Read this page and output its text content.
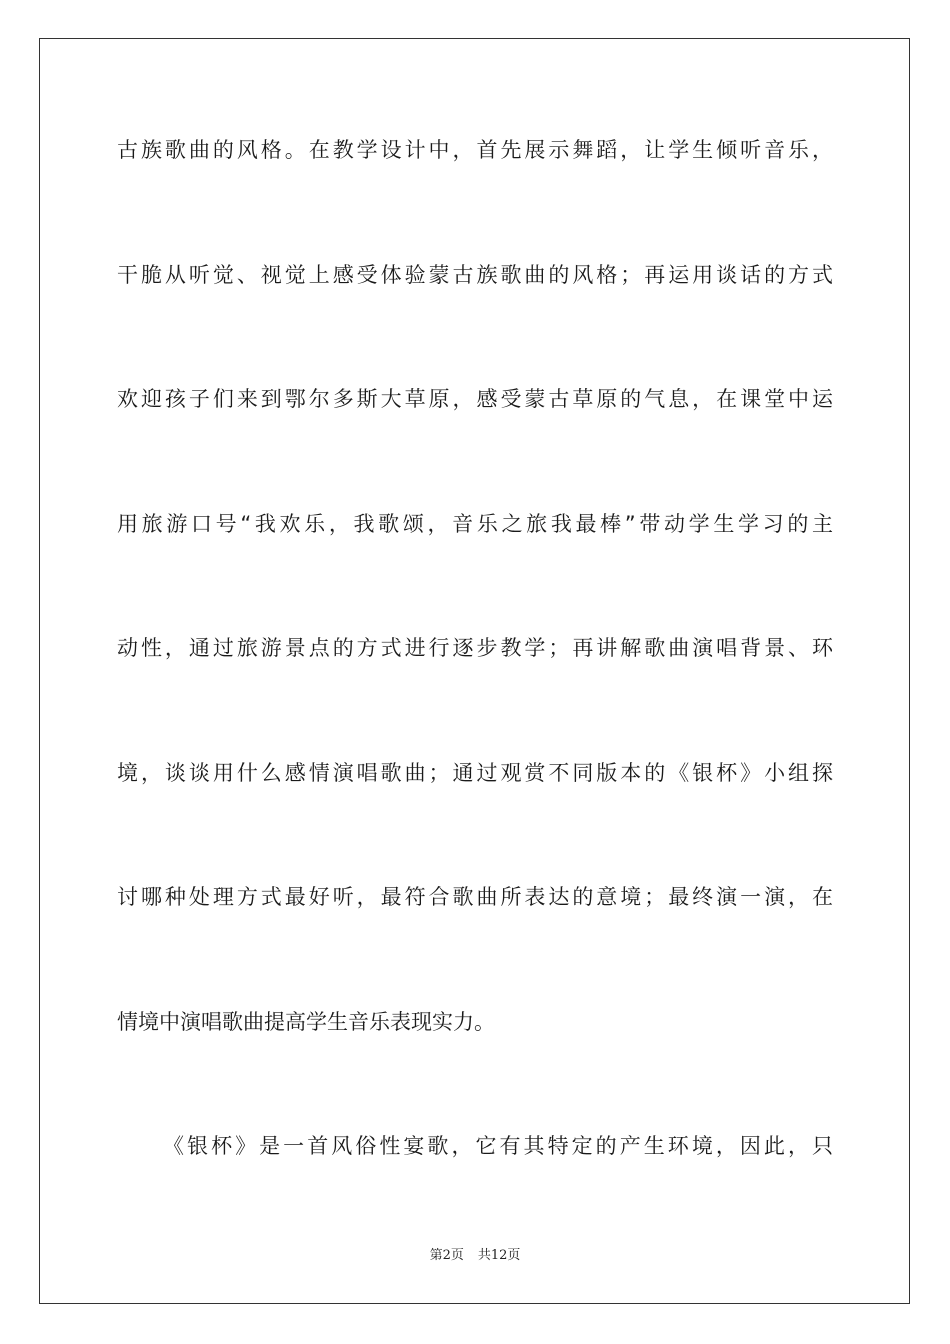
古族歌曲的风格。在教学设计中，首先展示舞蹈，让学生倾听音乐，
干脆从听觉、视觉上感受体验蒙古族歌曲的风格；再运用谈话的方式
欢迎孩子们来到鄂尔多斯大草原，感受蒙古草原的气息，在课堂中运
用旅游口号“我欢乐，我歌颂，音乐之旅我最棒”带动学生学习的主
动性，通过旅游景点的方式进行逐步教学；再讲解歌曲演唱背景、环
境，谈谈用什么感情演唱歌曲；通过观赏不同版本的《银杯》小组探
讨哪种处理方式最好听，最符合歌曲所表达的意境；最终演一演，在
情境中演唱歌曲提高学生音乐表现实力。
《银杯》是一首风俗性宴歌，它有其特定的产生环境，因此，只
第2页 共12页
